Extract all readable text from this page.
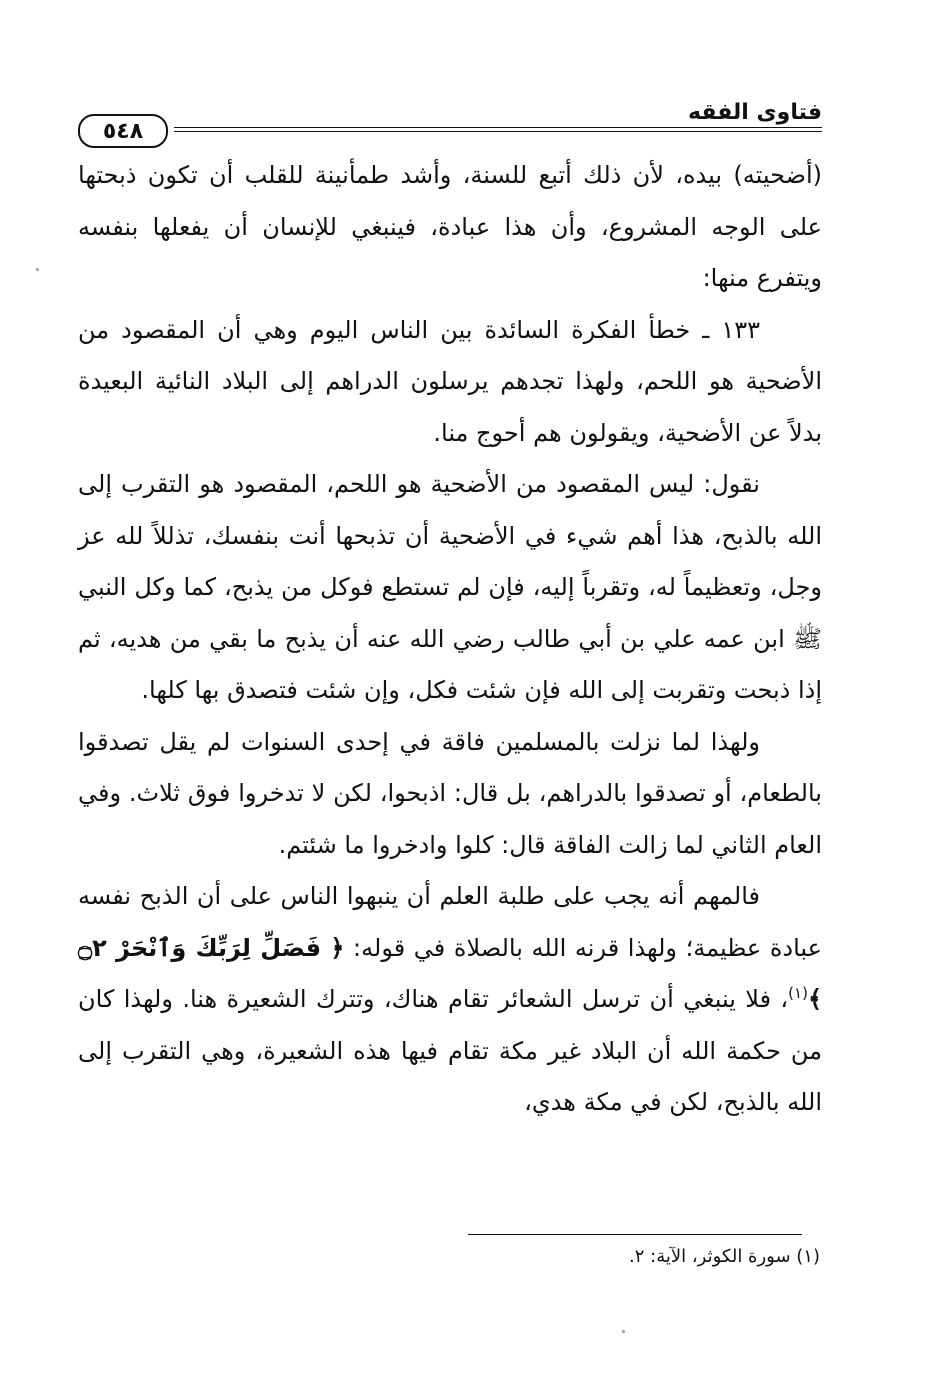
فتاوى الفقه
٥٤٨

(أضحيته) بيده، لأن ذلك أتبع للسنة، وأشد طمأنينة للقلب أن تكون ذبحتها على الوجه المشروع، وأن هذا عبادة، فينبغي للإنسان أن يفعلها بنفسه ويتفرع منها:

١٣٣ ـ خطأ الفكرة السائدة بين الناس اليوم وهي أن المقصود من الأضحية هو اللحم، ولهذا تجدهم يرسلون الدراهم إلى البلاد النائية البعيدة بدلاً عن الأضحية، ويقولون هم أحوج منا.

نقول: ليس المقصود من الأضحية هو اللحم، المقصود هو التقرب إلى الله بالذبح، هذا أهم شيء في الأضحية أن تذبحها أنت بنفسك، تذللاً لله عز وجل، وتعظيماً له، وتقرباً إليه، فإن لم تستطع فوكل من يذبح، كما وكل النبي ﷺ ابن عمه علي بن أبي طالب رضي الله عنه أن يذبح ما بقي من هديه، ثم إذا ذبحت وتقربت إلى الله فإن شئت فكل، وإن شئت فتصدق بها كلها.

ولهذا لما نزلت بالمسلمين فاقة في إحدى السنوات لم يقل تصدقوا بالطعام، أو تصدقوا بالدراهم، بل قال: اذبحوا، لكن لا تدخروا فوق ثلاث. وفي العام الثاني لما زالت الفاقة قال: كلوا وادخروا ما شئتم.

فالمهم أنه يجب على طلبة العلم أن ينبهوا الناس على أن الذبح نفسه عبادة عظيمة؛ ولهذا قرنه الله بالصلاة في قوله: ﴿ فَصَلِّ لِرَبِّكَ وَٱنْحَرْ ۝٢ ﴾$^{(١)}$، فلا ينبغي أن ترسل الشعائر تقام هناك، وتترك الشعيرة هنا. ولهذا كان من حكمة الله أن البلاد غير مكة تقام فيها هذه الشعيرة، وهي التقرب إلى الله بالذبح، لكن في مكة هدي،

(١) سورة الكوثر، الآية: ٢.
